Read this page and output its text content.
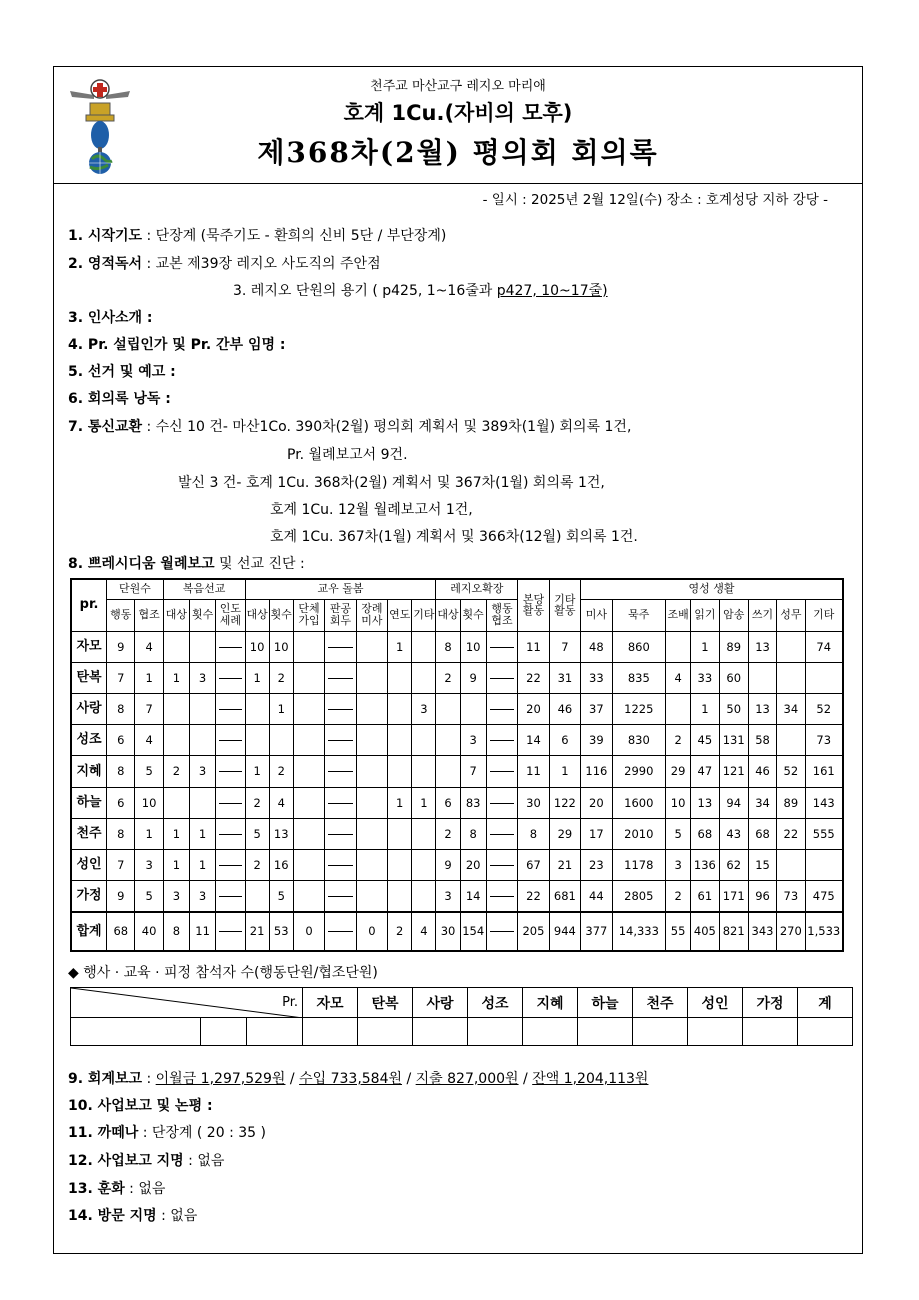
천주교 마산교구 레지오 마리애
호계 1Cu.(자비의 모후)
제368차(2월) 평의회 회의록
- 일시 : 2025년 2월 12일(수) 장소 : 호계성당 지하 강당 -
1. 시작기도 : 단장계 (묵주기도 - 환희의 신비 5단 / 부단장계)
2. 영적독서 : 교본 제39장 레지오 사도직의 주안점
3. 레지오 단원의 용기 ( p425, 1~16줄과 p427, 10~17줄)
3. 인사소개 :
4. Pr. 설립인가 및 Pr. 간부 임명 :
5. 선거 및 예고 :
6. 회의록 낭독 :
7. 통신교환 : 수신 10 건- 마산1Co. 390차(2월) 평의회 계획서 및 389차(1월) 회의록 1건,
Pr. 월례보고서 9건.
발신 3 건- 호계 1Cu. 368차(2월) 계획서 및 367차(1월) 회의록 1건,
호계 1Cu. 12월 월례보고서 1건,
호계 1Cu. 367차(1월) 계획서 및 366차(12월) 회의록 1건.
8. 쁘레시디움 월례보고 및 선교 진단 :
pr.	단원수		복음선교			교우 돌봄							레지오확장			본당활동	기타활동	영성 생활							
	행동	협조	대상	횟수	인도세례	대상	횟수	단체가입	판공회두	장례미사	연도	기타	대상	횟수	행동협조			미사	묵주	조배	읽기	암송	쓰기	성무	기타
자모	9	4				10	10				1		8	10		11	7	48	860		1	89	13		74
탄복	7	1	1	3		1	2						2	9		22	31	33	835	4	33	60			
사랑	8	7					1					3				20	46	37	1225		1	50	13	34	52
성조	6	4												3		14	6	39	830	2	45	131	58		73
지혜	8	5	2	3		1	2							7		11	1	116	2990	29	47	121	46	52	161
하늘	6	10				2	4				1	1	6	83		30	122	20	1600	10	13	94	34	89	143
천주	8	1	1	1		5	13						2	8		8	29	17	2010	5	68	43	68	22	555
성인	7	3	1	1		2	16						9	20		67	21	23	1178	3	136	62	15		
가정	9	5	3	3			5						3	14		22	681	44	2805	2	61	171	96	73	475
합계	68	40	8	11		21	53	0		0	2	4	30	154		205	944	377	14,333	55	405	821	343	270	1,533
◆ 행사 · 교육 · 피정 참석자 수(행동단원/협조단원)
Pr.			자모	탄복	사랑	성조	지혜	하늘	천주	성인	가정	계

9. 회계보고 : 이월금 1,297,529원 / 수입 733,584원 / 지출 827,000원 / 잔액 1,204,113원
10. 사업보고 및 논평 :
11. 까떼나 : 단장계 ( 20 : 35 )
12. 사업보고 지명 : 없음
13. 훈화 : 없음
14. 방문 지명 : 없음
